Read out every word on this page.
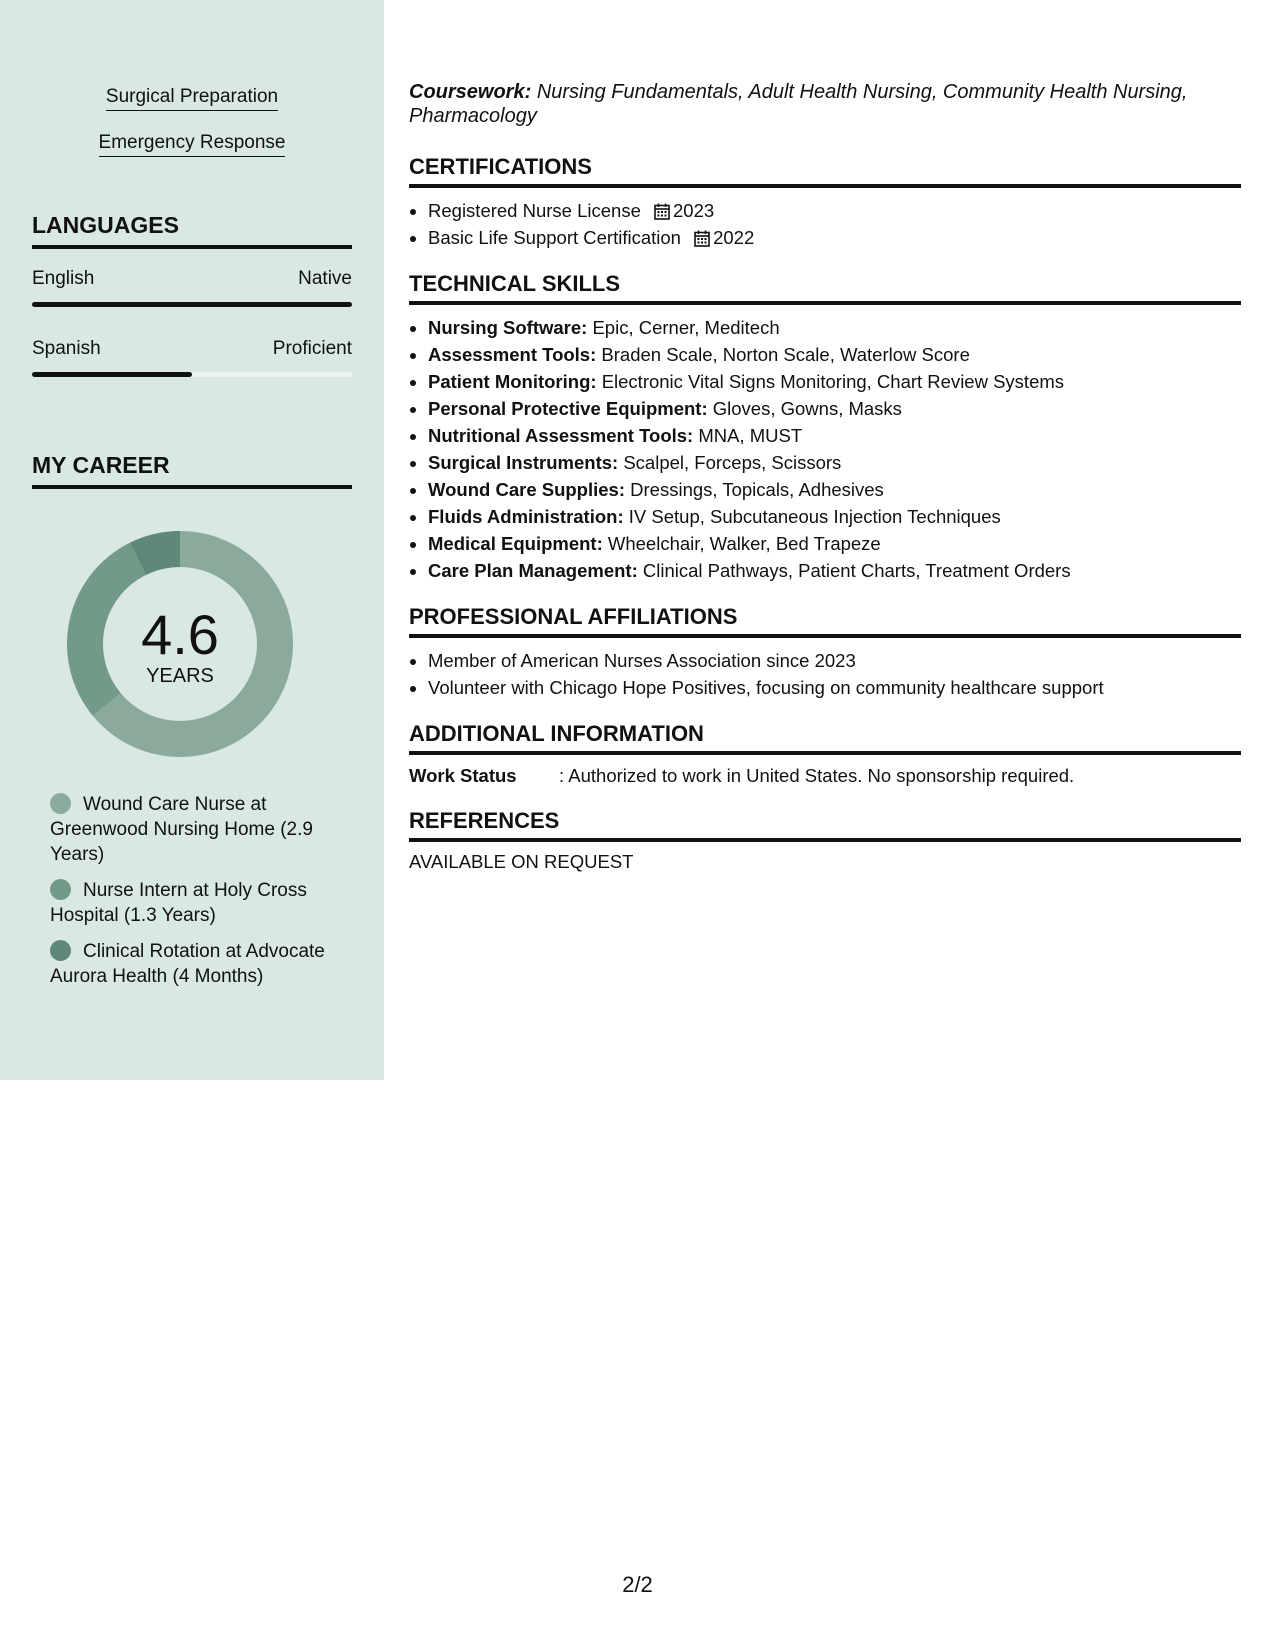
Surgical Preparation
Emergency Response
LANGUAGES
English	Native
Spanish	Proficient
MY CAREER
4.6
YEARS
Wound Care Nurse at Greenwood Nursing Home (2.9 Years)
Nurse Intern at Holy Cross Hospital (1.3 Years)
Clinical Rotation at Advocate Aurora Health (4 Months)

Coursework: Nursing Fundamentals, Adult Health Nursing, Community Health Nursing, Pharmacology

CERTIFICATIONS
• Registered Nurse License 2023
• Basic Life Support Certification 2022
TECHNICAL SKILLS
• Nursing Software: Epic, Cerner, Meditech
• Assessment Tools: Braden Scale, Norton Scale, Waterlow Score
• Patient Monitoring: Electronic Vital Signs Monitoring, Chart Review Systems
• Personal Protective Equipment: Gloves, Gowns, Masks
• Nutritional Assessment Tools: MNA, MUST
• Surgical Instruments: Scalpel, Forceps, Scissors
• Wound Care Supplies: Dressings, Topicals, Adhesives
• Fluids Administration: IV Setup, Subcutaneous Injection Techniques
• Medical Equipment: Wheelchair, Walker, Bed Trapeze
• Care Plan Management: Clinical Pathways, Patient Charts, Treatment Orders
PROFESSIONAL AFFILIATIONS
• Member of American Nurses Association since 2023
• Volunteer with Chicago Hope Positives, focusing on community healthcare support
ADDITIONAL INFORMATION
Work Status	: Authorized to work in United States. No sponsorship required.
REFERENCES

AVAILABLE ON REQUEST

2/2
